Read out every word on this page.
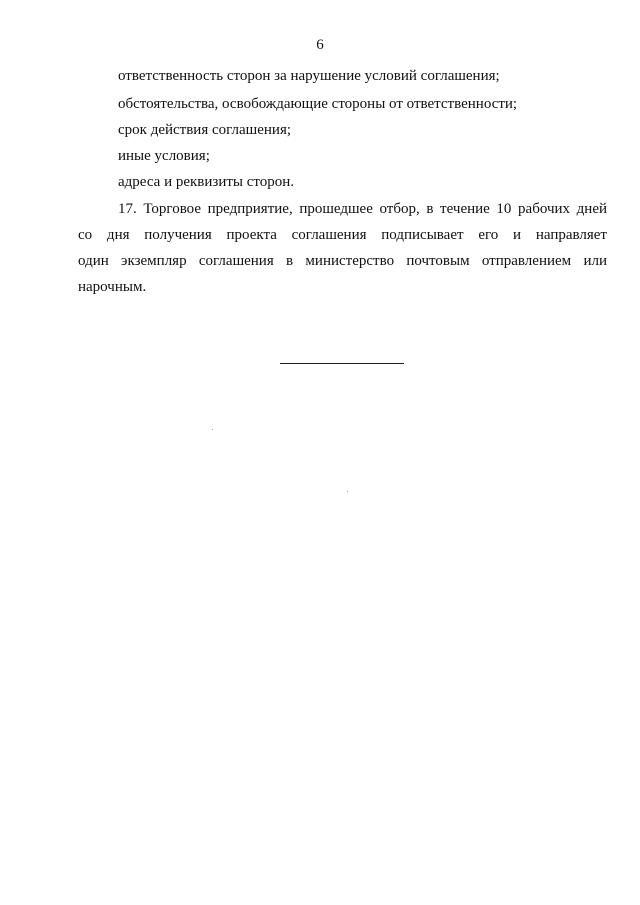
6
ответственность сторон за нарушение условий соглашения;
обстоятельства, освобождающие стороны от ответственности;
срок действия соглашения;
иные условия;
адреса и реквизиты сторон.
17. Торговое предприятие, прошедшее отбор, в течение 10 рабочих дней
со дня получения проекта соглашения подписывает его и направляет
один экземпляр соглашения в министерство почтовым отправлением или
нарочным.
